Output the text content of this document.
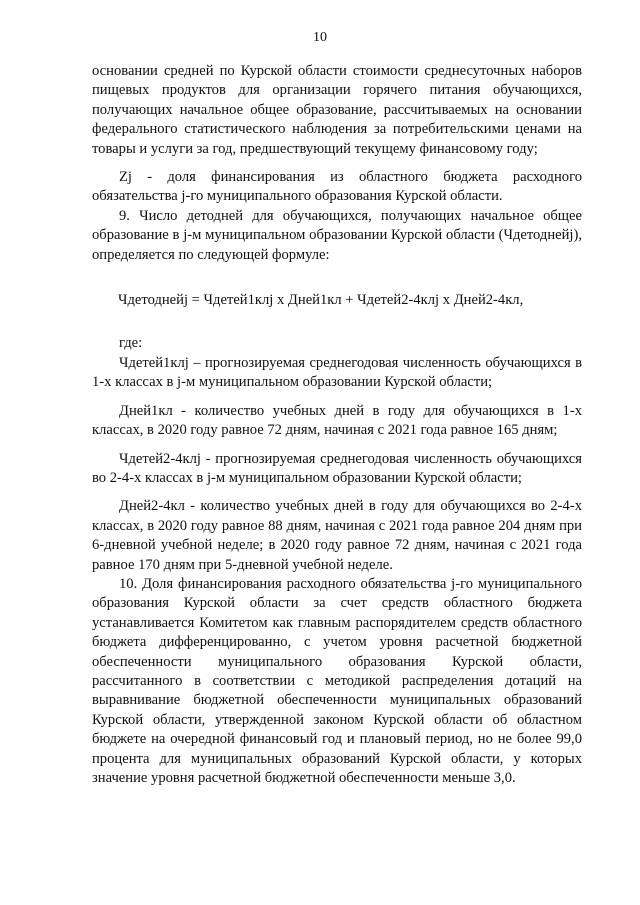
10

основании средней по Курской области стоимости среднесуточных наборов пищевых продуктов для организации горячего питания обучающихся, получающих начальное общее образование, рассчитываемых на основании федерального статистического наблюдения за потребительскими ценами на товары и услуги за год, предшествующий текущему финансовому году;

Zj - доля финансирования из областного бюджета расходного обязательства j-го муниципального образования Курской области.

9. Число детодней для обучающихся, получающих начальное общее образование в j-м муниципальном образовании Курской области (Чдетоднейj), определяется по следующей формуле:

Чдетоднейj = Чдетей1клj х Дней1кл + Чдетей2-4клj х Дней2-4кл,

где:

Чдетей1клj – прогнозируемая среднегодовая численность обучающихся в 1-х классах в j-м муниципальном образовании Курской области;

Дней1кл - количество учебных дней в году для обучающихся в 1-х классах, в 2020 году равное 72 дням, начиная с 2021 года равное 165 дням;

Чдетей2-4клj - прогнозируемая среднегодовая численность обучающихся во 2-4-х классах в j-м муниципальном образовании Курской области;

Дней2-4кл - количество учебных дней в году для обучающихся во 2-4-х классах, в 2020 году равное 88 дням, начиная с 2021 года равное 204 дням при 6-дневной учебной неделе; в 2020 году равное 72 дням, начиная с 2021 года равное 170 дням при 5-дневной учебной неделе.

10. Доля финансирования расходного обязательства j-го муниципального образования Курской области за счет средств областного бюджета устанавливается Комитетом как главным распорядителем средств областного бюджета дифференцированно, с учетом уровня расчетной бюджетной обеспеченности муниципального образования Курской области, рассчитанного в соответствии с методикой распределения дотаций на выравнивание бюджетной обеспеченности муниципальных образований Курской области, утвержденной законом Курской области об областном бюджете на очередной финансовый год и плановый период, но не более 99,0 процента для муниципальных образований Курской области, у которых значение уровня расчетной бюджетной обеспеченности меньше 3,0.
